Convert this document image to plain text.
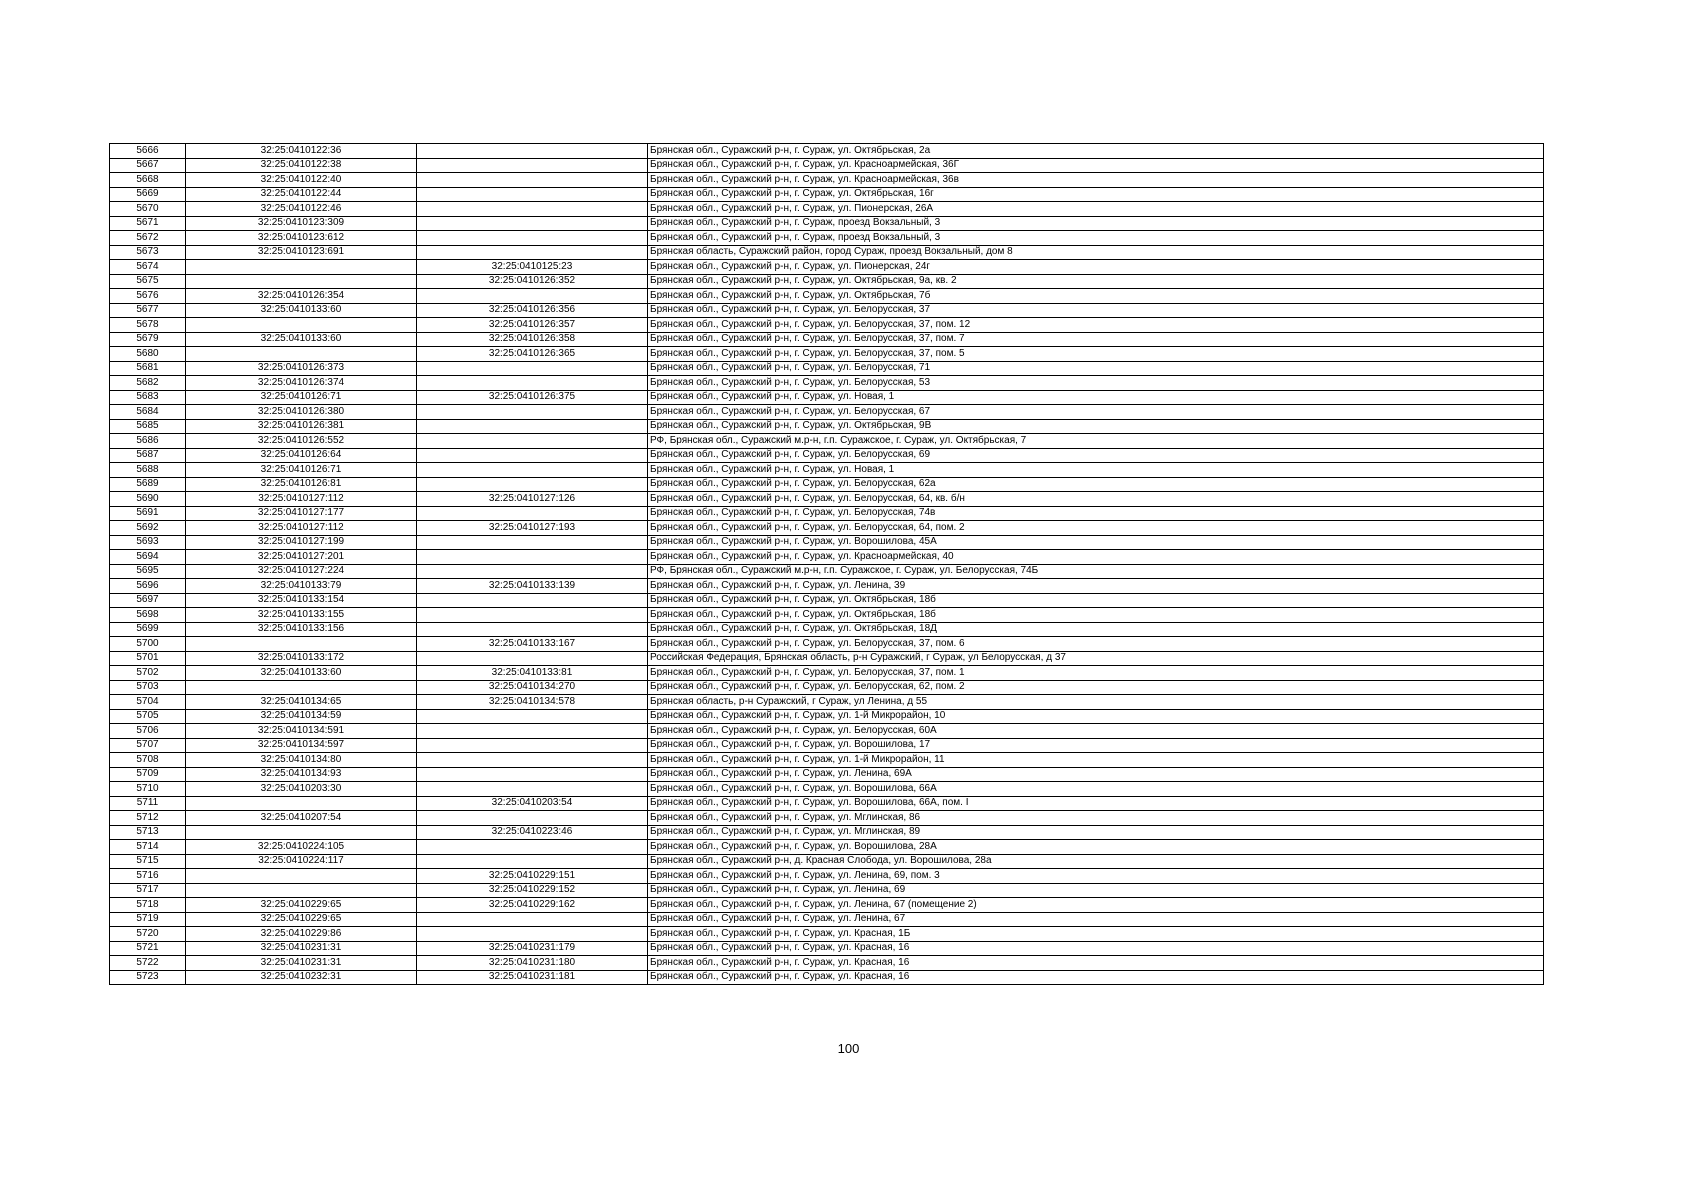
5666	32:25:0410122:36		Брянская обл., Суражский р-н, г. Сураж, ул. Октябрьская, 2а
5667	32:25:0410122:38		Брянская обл., Суражский р-н, г. Сураж, ул. Красноармейская, 36Г
5668	32:25:0410122:40		Брянская обл., Суражский р-н, г. Сураж, ул. Красноармейская, 36в
5669	32:25:0410122:44		Брянская обл., Суражский р-н, г. Сураж, ул. Октябрьская, 16г
5670	32:25:0410122:46		Брянская обл., Суражский р-н, г. Сураж, ул. Пионерская, 26А
5671	32:25:0410123:309		Брянская обл., Суражский р-н, г. Сураж, проезд Вокзальный, 3
5672	32:25:0410123:612		Брянская обл., Суражский р-н, г. Сураж, проезд Вокзальный, 3
5673	32:25:0410123:691		Брянская область, Суражский район, город Сураж, проезд Вокзальный, дом 8
5674		32:25:0410125:23	Брянская обл., Суражский р-н, г. Сураж, ул. Пионерская, 24г
5675		32:25:0410126:352	Брянская обл., Суражский р-н, г. Сураж, ул. Октябрьская, 9а, кв. 2
5676	32:25:0410126:354		Брянская обл., Суражский р-н, г. Сураж, ул. Октябрьская, 7б
5677	32:25:0410133:60	32:25:0410126:356	Брянская обл., Суражский р-н, г. Сураж, ул. Белорусская, 37
5678		32:25:0410126:357	Брянская обл., Суражский р-н, г. Сураж, ул. Белорусская, 37, пом. 12
5679	32:25:0410133:60	32:25:0410126:358	Брянская обл., Суражский р-н, г. Сураж, ул. Белорусская, 37, пом. 7
5680		32:25:0410126:365	Брянская обл., Суражский р-н, г. Сураж, ул. Белорусская, 37, пом. 5
5681	32:25:0410126:373		Брянская обл., Суражский р-н, г. Сураж, ул. Белорусская, 71
5682	32:25:0410126:374		Брянская обл., Суражский р-н, г. Сураж, ул. Белорусская, 53
5683	32:25:0410126:71	32:25:0410126:375	Брянская обл., Суражский р-н, г. Сураж, ул. Новая, 1
5684	32:25:0410126:380		Брянская обл., Суражский р-н, г. Сураж, ул. Белорусская, 67
5685	32:25:0410126:381		Брянская обл., Суражский р-н, г. Сураж, ул. Октябрьская, 9В
5686	32:25:0410126:552		РФ, Брянская обл., Суражский м.р-н, г.п. Суражское, г. Сураж, ул. Октябрьская, 7
5687	32:25:0410126:64		Брянская обл., Суражский р-н, г. Сураж, ул. Белорусская, 69
5688	32:25:0410126:71		Брянская обл., Суражский р-н, г. Сураж, ул. Новая, 1
5689	32:25:0410126:81		Брянская обл., Суражский р-н, г. Сураж, ул. Белорусская, 62а
5690	32:25:0410127:112	32:25:0410127:126	Брянская обл., Суражский р-н, г. Сураж, ул. Белорусская, 64, кв. б/н
5691	32:25:0410127:177		Брянская обл., Суражский р-н, г. Сураж, ул. Белорусская, 74в
5692	32:25:0410127:112	32:25:0410127:193	Брянская обл., Суражский р-н, г. Сураж, ул. Белорусская, 64, пом. 2
5693	32:25:0410127:199		Брянская обл., Суражский р-н, г. Сураж, ул. Ворошилова, 45А
5694	32:25:0410127:201		Брянская обл., Суражский р-н, г. Сураж, ул. Красноармейская, 40
5695	32:25:0410127:224		РФ, Брянская обл., Суражский м.р-н, г.п. Суражское, г. Сураж, ул. Белорусская, 74Б
5696	32:25:0410133:79	32:25:0410133:139	Брянская обл., Суражский р-н, г. Сураж, ул. Ленина, 39
5697	32:25:0410133:154		Брянская обл., Суражский р-н, г. Сураж, ул. Октябрьская, 18б
5698	32:25:0410133:155		Брянская обл., Суражский р-н, г. Сураж, ул. Октябрьская, 18б
5699	32:25:0410133:156		Брянская обл., Суражский р-н, г. Сураж, ул. Октябрьская, 18Д
5700		32:25:0410133:167	Брянская обл., Суражский р-н, г. Сураж, ул. Белорусская, 37, пом. 6
5701	32:25:0410133:172		Российская Федерация, Брянская область, р-н Суражский, г Сураж, ул Белорусская, д 37
5702	32:25:0410133:60	32:25:0410133:81	Брянская обл., Суражский р-н, г. Сураж, ул. Белорусская, 37, пом. 1
5703		32:25:0410134:270	Брянская обл., Суражский р-н, г. Сураж, ул. Белорусская, 62, пом. 2
5704	32:25:0410134:65	32:25:0410134:578	Брянская область, р-н Суражский, г Сураж, ул Ленина, д 55
5705	32:25:0410134:59		Брянская обл., Суражский р-н, г. Сураж, ул. 1-й Микрорайон, 10
5706	32:25:0410134:591		Брянская обл., Суражский р-н, г. Сураж, ул. Белорусская, 60А
5707	32:25:0410134:597		Брянская обл., Суражский р-н, г. Сураж, ул. Ворошилова, 17
5708	32:25:0410134:80		Брянская обл., Суражский р-н, г. Сураж, ул. 1-й Микрорайон, 11
5709	32:25:0410134:93		Брянская обл., Суражский р-н, г. Сураж, ул. Ленина, 69А
5710	32:25:0410203:30		Брянская обл., Суражский р-н, г. Сураж, ул. Ворошилова, 66А
5711		32:25:0410203:54	Брянская обл., Суражский р-н, г. Сураж, ул. Ворошилова, 66А, пом. I
5712	32:25:0410207:54		Брянская обл., Суражский р-н, г. Сураж, ул. Мглинская, 86
5713		32:25:0410223:46	Брянская обл., Суражский р-н, г. Сураж, ул. Мглинская, 89
5714	32:25:0410224:105		Брянская обл., Суражский р-н, г. Сураж, ул. Ворошилова, 28А
5715	32:25:0410224:117		Брянская обл., Суражский р-н, д. Красная Слобода, ул. Ворошилова, 28а
5716		32:25:0410229:151	Брянская обл., Суражский р-н, г. Сураж, ул. Ленина, 69, пом. 3
5717		32:25:0410229:152	Брянская обл., Суражский р-н, г. Сураж, ул. Ленина, 69
5718	32:25:0410229:65	32:25:0410229:162	Брянская обл., Суражский р-н, г. Сураж, ул. Ленина, 67 (помещение 2)
5719	32:25:0410229:65		Брянская обл., Суражский р-н, г. Сураж, ул. Ленина, 67
5720	32:25:0410229:86		Брянская обл., Суражский р-н, г. Сураж, ул. Красная, 1Б
5721	32:25:0410231:31	32:25:0410231:179	Брянская обл., Суражский р-н, г. Сураж, ул. Красная, 16
5722	32:25:0410231:31	32:25:0410231:180	Брянская обл., Суражский р-н, г. Сураж, ул. Красная, 16
5723	32:25:0410232:31	32:25:0410231:181	Брянская обл., Суражский р-н, г. Сураж, ул. Красная, 16
100
